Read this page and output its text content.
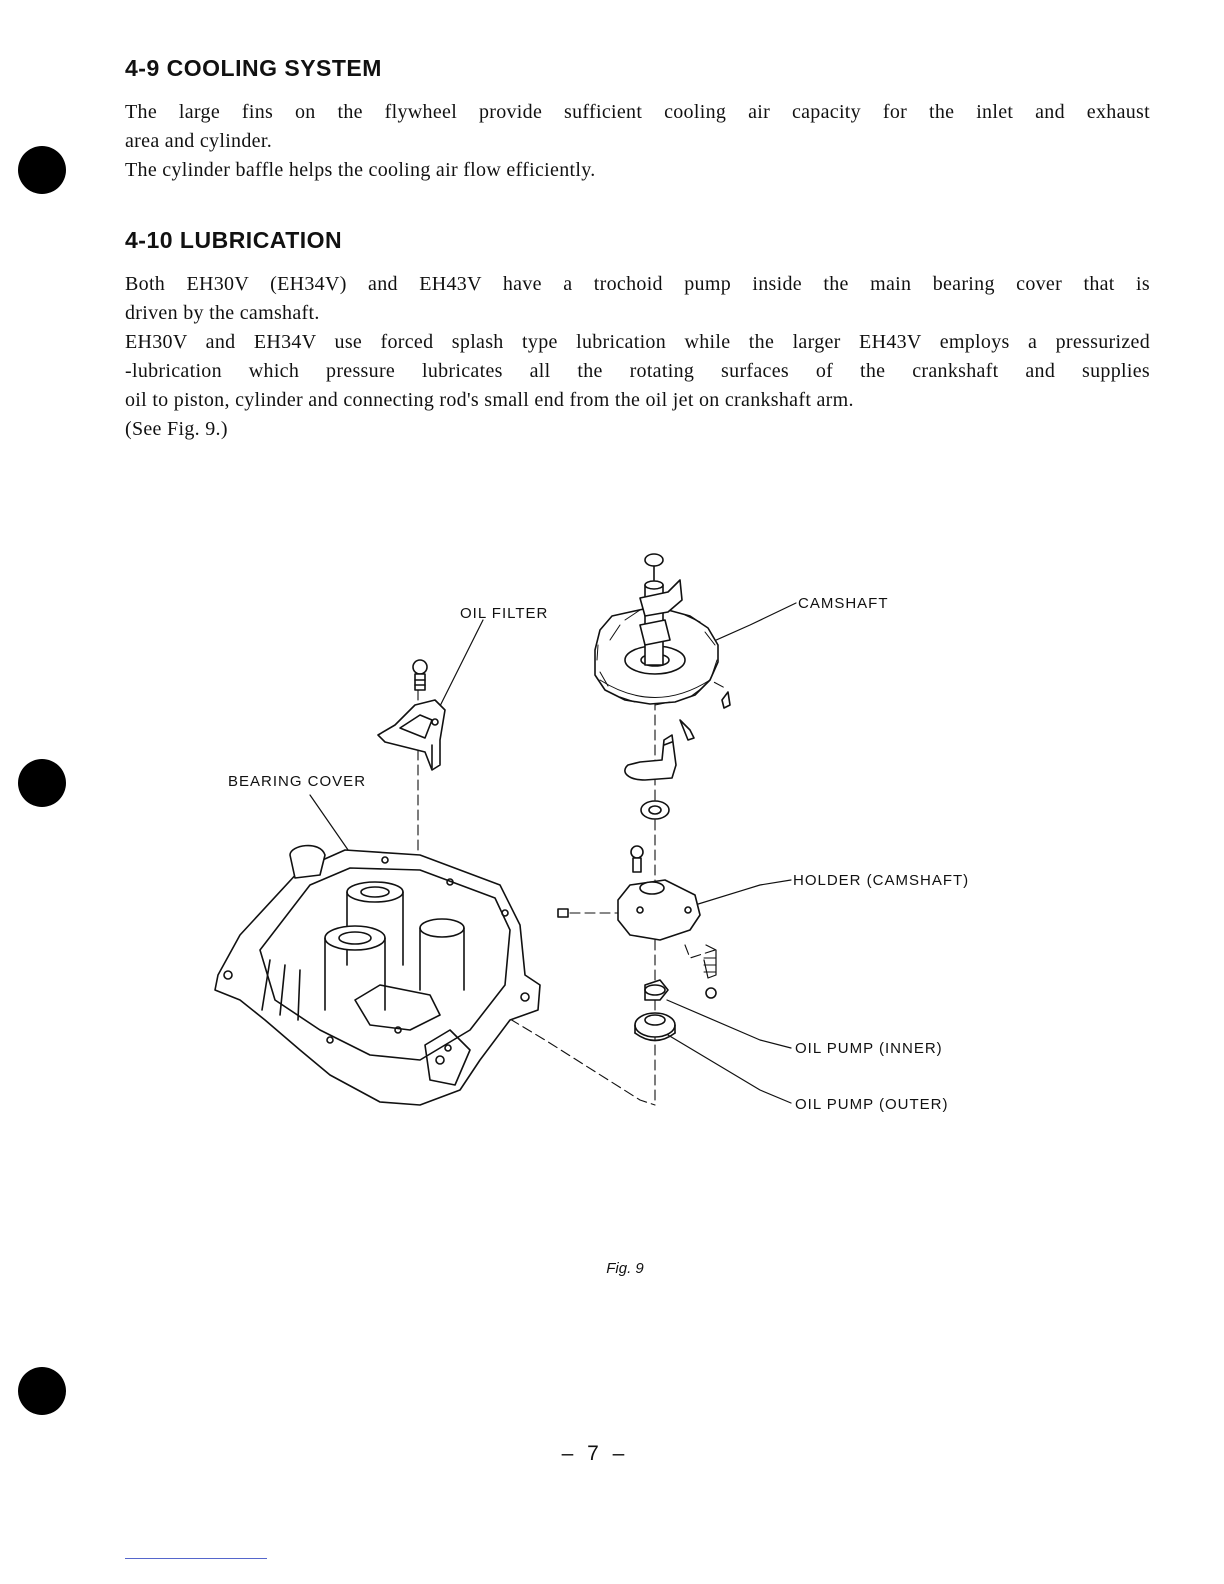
4-9 COOLING SYSTEM
The large fins on the flywheel provide sufficient cooling air capacity for the inlet and exhaust
area and cylinder.
The cylinder baffle helps the cooling air flow efficiently.
4-10 LUBRICATION
Both EH30V (EH34V) and EH43V have a trochoid pump inside the main bearing cover that is
driven by the camshaft.
EH30V and EH34V use forced splash type lubrication while the larger EH43V employs a pressurized
-lubrication which pressure lubricates all the rotating surfaces of the crankshaft and supplies
oil to piston, cylinder and connecting rod's small end from the oil jet on crankshaft arm.
(See Fig. 9.)

OIL FILTER

CAMSHAFT

BEARING COVER

HOLDER (CAMSHAFT)

OIL PUMP (INNER)

OIL PUMP (OUTER)

Fig. 9

– 7 –
